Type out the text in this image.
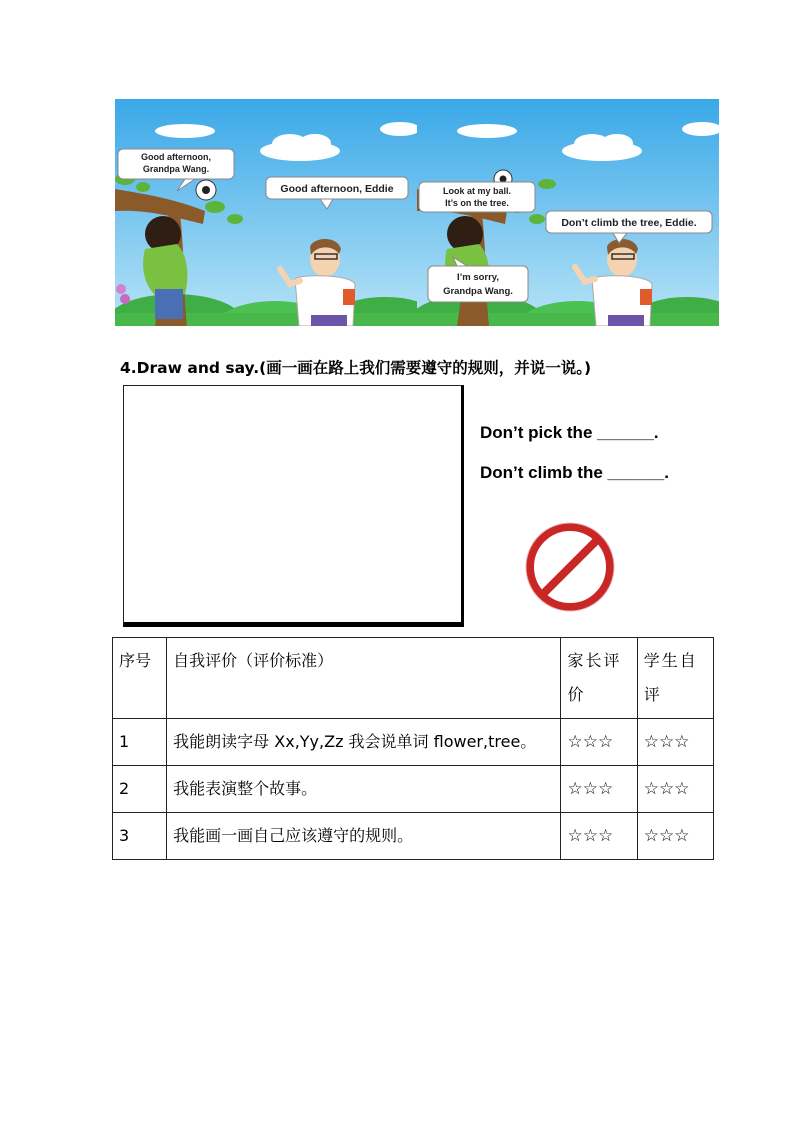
Good afternoon,
Grandpa Wang.
Good afternoon, Eddie	Look at my ball.
It’s on the tree.
Don’t climb the tree, Eddie.
I’m sorry,
Grandpa Wang.
4.Draw and say.(画一画在路上我们需要遵守的规则，并说一说。)
Don’t pick the ______.
Don’t climb the ______.
序号	自我评价（评价标准）	家长评价	学生自评
1	我能朗读字母 Xx,Yy,Zz 我会说单词 flower,tree。	☆☆☆	☆☆☆
2	我能表演整个故事。	☆☆☆	☆☆☆
3	我能画一画自己应该遵守的规则。	☆☆☆	☆☆☆
